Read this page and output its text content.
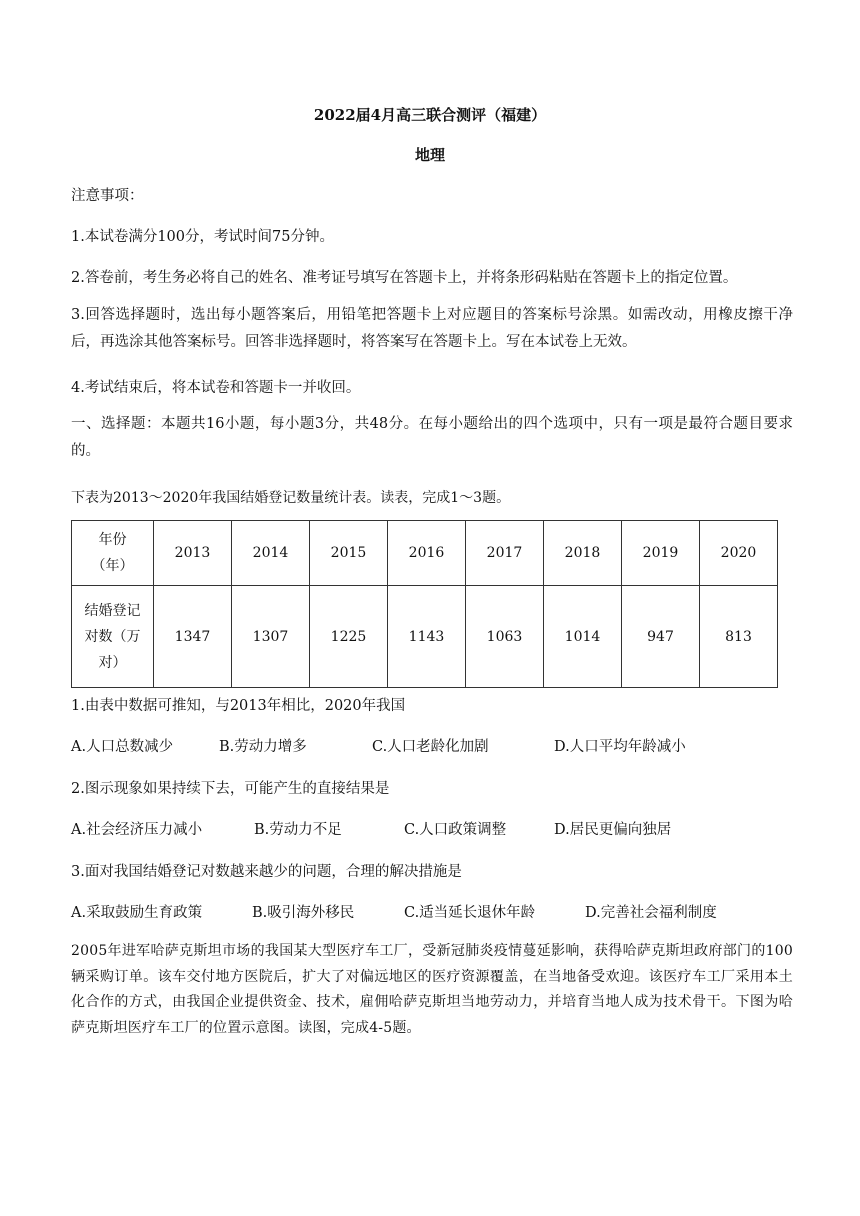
2022届4月高三联合测评（福建）
地理
注意事项：
1.本试卷满分100分，考试时间75分钟。
2.答卷前，考生务必将自己的姓名、准考证号填写在答题卡上，并将条形码粘贴在答题卡上的指定位置。
3.回答选择题时，选出每小题答案后，用铅笔把答题卡上对应题目的答案标号涂黑。如需改动，用橡皮擦干净后，再选涂其他答案标号。回答非选择题时，将答案写在答题卡上。写在本试卷上无效。
4.考试结束后，将本试卷和答题卡一并收回。
一、选择题：本题共16小题，每小题3分，共48分。在每小题给出的四个选项中，只有一项是最符合题目要求的。
下表为2013～2020年我国结婚登记数量统计表。读表，完成1～3题。
年份
（年）	2013	2014	2015	2016	2017	2018	2019	2020

结婚登记
对数（万
对）	1347	1307	1225	1143	1063	1014	947	813
1.由表中数据可推知，与2013年相比，2020年我国
A.人口总数减少	B.劳动力增多	C.人口老龄化加剧	D.人口平均年龄减小
2.图示现象如果持续下去，可能产生的直接结果是
A.社会经济压力减小	B.劳动力不足	C.人口政策调整	D.居民更偏向独居
3.面对我国结婚登记对数越来越少的问题，合理的解决措施是
A.采取鼓励生育政策	B.吸引海外移民	C.适当延长退休年龄	D.完善社会福利制度
2005年进军哈萨克斯坦市场的我国某大型医疗车工厂，受新冠肺炎疫情蔓延影响，获得哈萨克斯坦政府部门的100辆采购订单。该车交付地方医院后，扩大了对偏远地区的医疗资源覆盖，在当地备受欢迎。该医疗车工厂采用本土化合作的方式，由我国企业提供资金、技术，雇佣哈萨克斯坦当地劳动力，并培育当地人成为技术骨干。下图为哈萨克斯坦医疗车工厂的位置示意图。读图，完成4-5题。
